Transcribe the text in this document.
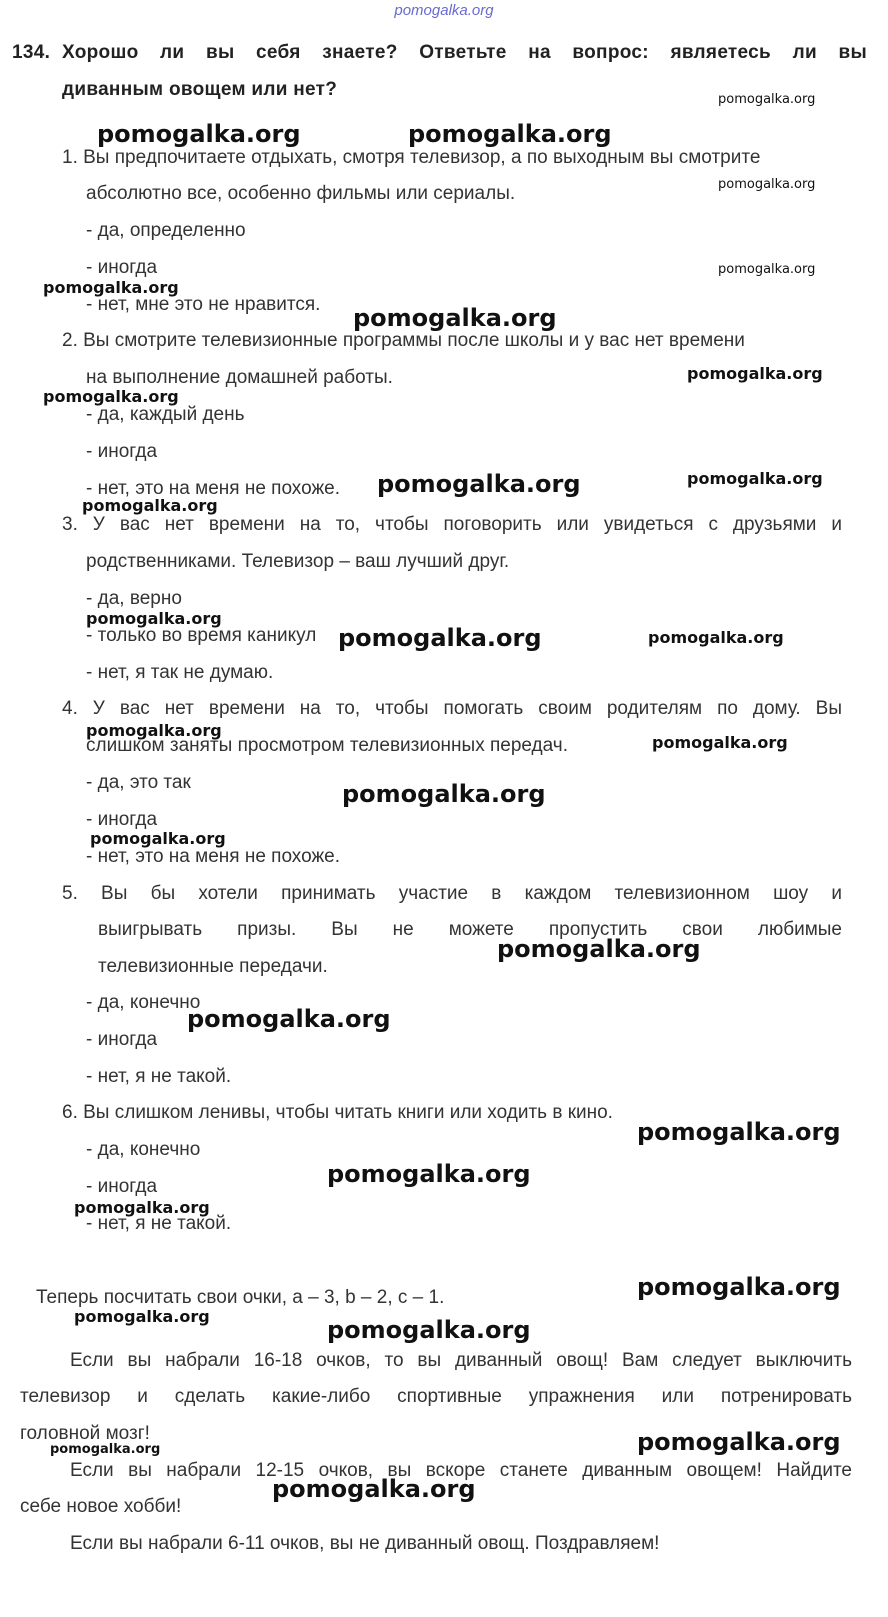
pomogalka.org
134. Хорошо ли вы себя знаете? Ответьте на вопрос: являетесь ли вы
диванным овощем или нет?
1. Вы предпочитаете отдыхать, смотря телевизор, а по выходным вы смотрите
абсолютно все, особенно фильмы или сериалы.
- да, определенно
- иногда
- нет, мне это не нравится.
2. Вы смотрите телевизионные программы после школы и у вас нет времени
на выполнение домашней работы.
- да, каждый день
- иногда
- нет, это на меня не похоже.
3. У вас нет времени на то, чтобы поговорить или увидеться с друзьями и
родственниками. Телевизор – ваш лучший друг.
- да, верно
- только во время каникул
- нет, я так не думаю.
4. У вас нет времени на то, чтобы помогать своим родителям по дому. Вы
слишком заняты просмотром телевизионных передач.
- да, это так
- иногда
- нет, это на меня не похоже.
5. Вы бы хотели принимать участие в каждом телевизионном шоу и
выигрывать призы. Вы не можете пропустить свои любимые
телевизионные передачи.
- да, конечно
- иногда
- нет, я не такой.
6. Вы слишком ленивы, чтобы читать книги или ходить в кино.
- да, конечно
- иногда
- нет, я не такой.
Теперь посчитать свои очки, a – 3, b – 2, c – 1.
Если вы набрали 16-18 очков, то вы диванный овощ! Вам следует выключить
телевизор и сделать какие-либо спортивные упражнения или потренировать
головной мозг!
Если вы набрали 12-15 очков, вы вскоре станете диванным овощем! Найдите
себе новое хобби!
Если вы набрали 6-11 очков, вы не диванный овощ. Поздравляем!
pomogalka.org
pomogalka.org	pomogalka.org
pomogalka.org
pomogalka.org
pomogalka.org
pomogalka.org
pomogalka.org
pomogalka.org
pomogalka.org	pomogalka.org
pomogalka.org
pomogalka.org
pomogalka.org	pomogalka.org
pomogalka.org
pomogalka.org
pomogalka.org
pomogalka.org
pomogalka.org
pomogalka.org
pomogalka.org
pomogalka.org
pomogalka.org
pomogalka.org
pomogalka.org	pomogalka.org
pomogalka.org	pomogalka.org
pomogalka.org
